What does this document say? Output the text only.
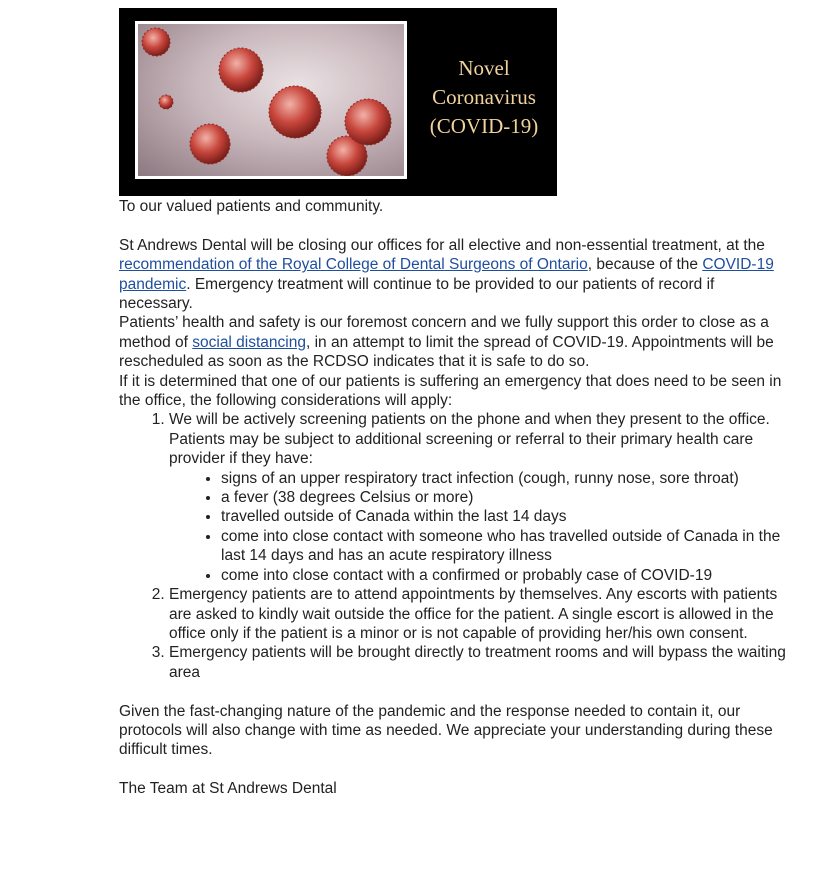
Novel
Coronavirus
(COVID-19)

To our valued patients and community.

St Andrews Dental will be closing our offices for all elective and non-essential treatment, at the recommendation of the Royal College of Dental Surgeons of Ontario, because of the COVID-19 pandemic. Emergency treatment will continue to be provided to our patients of record if necessary.

Patients’ health and safety is our foremost concern and we fully support this order to close as a method of social distancing, in an attempt to limit the spread of COVID-19. Appointments will be rescheduled as soon as the RCDSO indicates that it is safe to do so.

If it is determined that one of our patients is suffering an emergency that does need to be seen in the office, the following considerations will apply:

1. We will be actively screening patients on the phone and when they present to the office. Patients may be subject to additional screening or referral to their primary health care provider if they have:
• signs of an upper respiratory tract infection (cough, runny nose, sore throat)
• a fever (38 degrees Celsius or more)
• travelled outside of Canada within the last 14 days
• come into close contact with someone who has travelled outside of Canada in the last 14 days and has an acute respiratory illness
• come into close contact with a confirmed or probably case of COVID-19
2. Emergency patients are to attend appointments by themselves. Any escorts with patients are asked to kindly wait outside the office for the patient. A single escort is allowed in the office only if the patient is a minor or is not capable of providing her/his own consent.
3. Emergency patients will be brought directly to treatment rooms and will bypass the waiting area

Given the fast-changing nature of the pandemic and the response needed to contain it, our protocols will also change with time as needed. We appreciate your understanding during these difficult times.

The Team at St Andrews Dental
